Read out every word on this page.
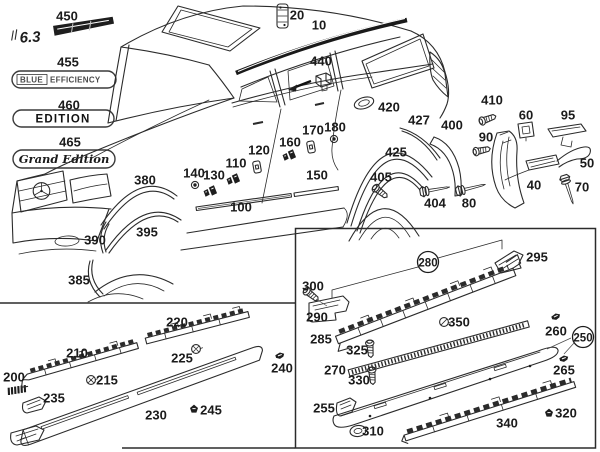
6.3
BLUE EFFICIENCY
EDITION
Grand Edition
450
455
460
465
20
10
440
420
427 400
410
60 95
90
425
180
170
160
120
110
130
140	150	405
50
40	70
80
404
100
380
390
395
385
295
280
300
290	350
220
260 250
285
325
210	225
240 270	265
330
200	215
255
235
245	320
340
230
310
